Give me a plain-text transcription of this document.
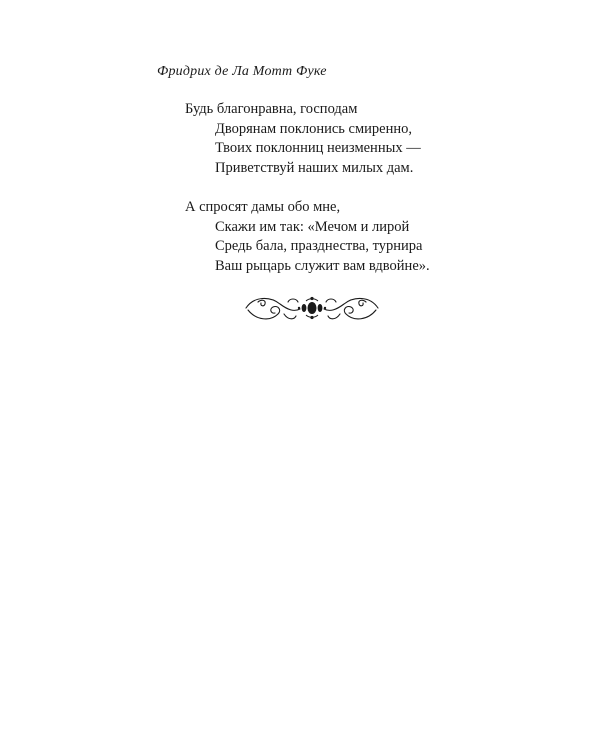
Фридрих де Ла Мотт Фуке
Будь благонравна, господам
Дворянам поклонись смиренно,
Твоих поклонниц неизменных —
Приветствуй наших милых дам.
А спросят дамы обо мне,
Скажи им так: «Мечом и лирой
Средь бала, празднества, турнира
Ваш рыцарь служит вам вдвойне».
